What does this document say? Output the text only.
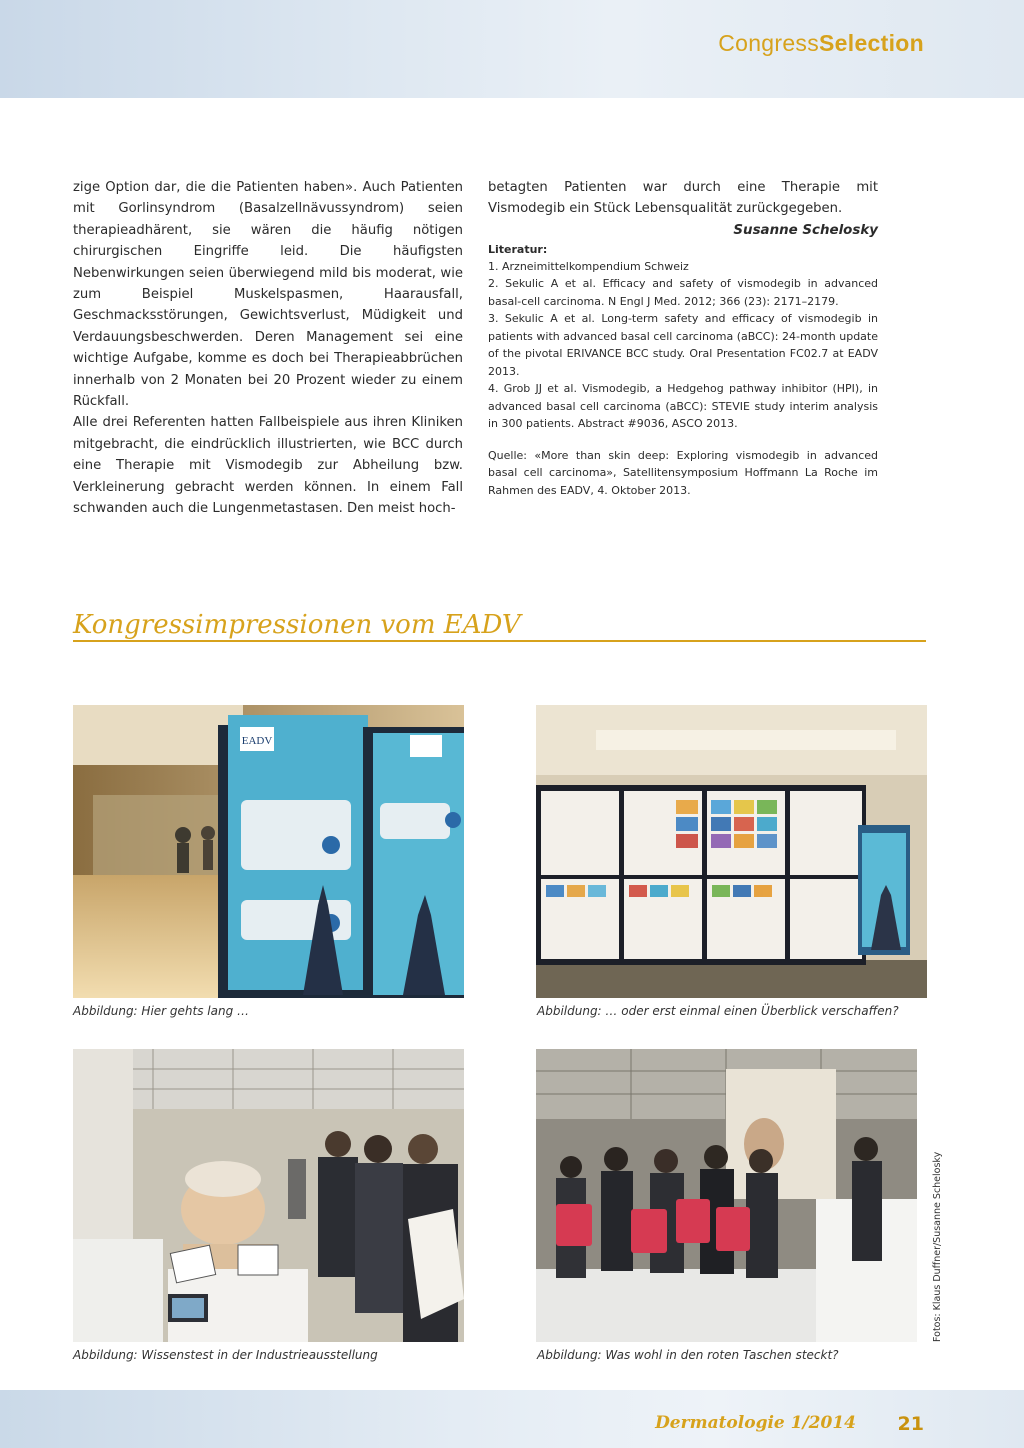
CongressSelection

zige Option dar, die die Patienten haben». Auch Patienten mit Gorlinsyndrom (Basalzellnävussyndrom) seien therapieadhärent, sie wären die häufig nötigen chirurgischen Eingriffe leid. Die häufigsten Nebenwirkungen seien überwiegend mild bis moderat, wie zum Beispiel Muskelspasmen, Haarausfall, Geschmacksstörungen, Gewichtsverlust, Müdigkeit und Verdauungsbeschwerden. Deren Management sei eine wichtige Aufgabe, komme es doch bei Therapieabbrüchen innerhalb von 2 Monaten bei 20 Prozent wieder zu einem Rückfall.

Alle drei Referenten hatten Fallbeispiele aus ihren Kliniken mitgebracht, die eindrücklich illustrierten, wie BCC durch eine Therapie mit Vismodegib zur Abheilung bzw. Verkleinerung gebracht werden können. In einem Fall schwanden auch die Lungenmetastasen. Den meist hoch-

betagten Patienten war durch eine Therapie mit Vismodegib ein Stück Lebensqualität zurückgegeben.

Susanne Schelosky

Literatur:

1. Arzneimittelkompendium Schweiz

2. Sekulic A et al. Efficacy and safety of vismodegib in advanced basal-cell carcinoma. N Engl J Med. 2012; 366 (23): 2171–2179.

3. Sekulic A et al. Long-term safety and efficacy of vismodegib in patients with advanced basal cell carcinoma (aBCC): 24-month update of the pivotal ERIVANCE BCC study. Oral Presentation FC02.7 at EADV 2013.

4. Grob JJ et al. Vismodegib, a Hedgehog pathway inhibitor (HPI), in advanced basal cell carcinoma (aBCC): STEVIE study interim analysis in 300 patients. Abstract #9036, ASCO 2013.

Quelle: «More than skin deep: Exploring vismodegib in advanced basal cell carcinoma», Satellitensymposium Hoffmann La Roche im Rahmen des EADV, 4. Oktober 2013.

Kongressimpressionen vom EADV
EADV
Abbildung: Hier gehts lang …	Abbildung: … oder erst einmal einen Überblick verschaffen?
Abbildung: Wissenstest in der Industrieausstellung	Abbildung: Was wohl in den roten Taschen steckt?
Fotos: Klaus Duffner/Susanne Schelosky
Dermatologie 1/2014 21
